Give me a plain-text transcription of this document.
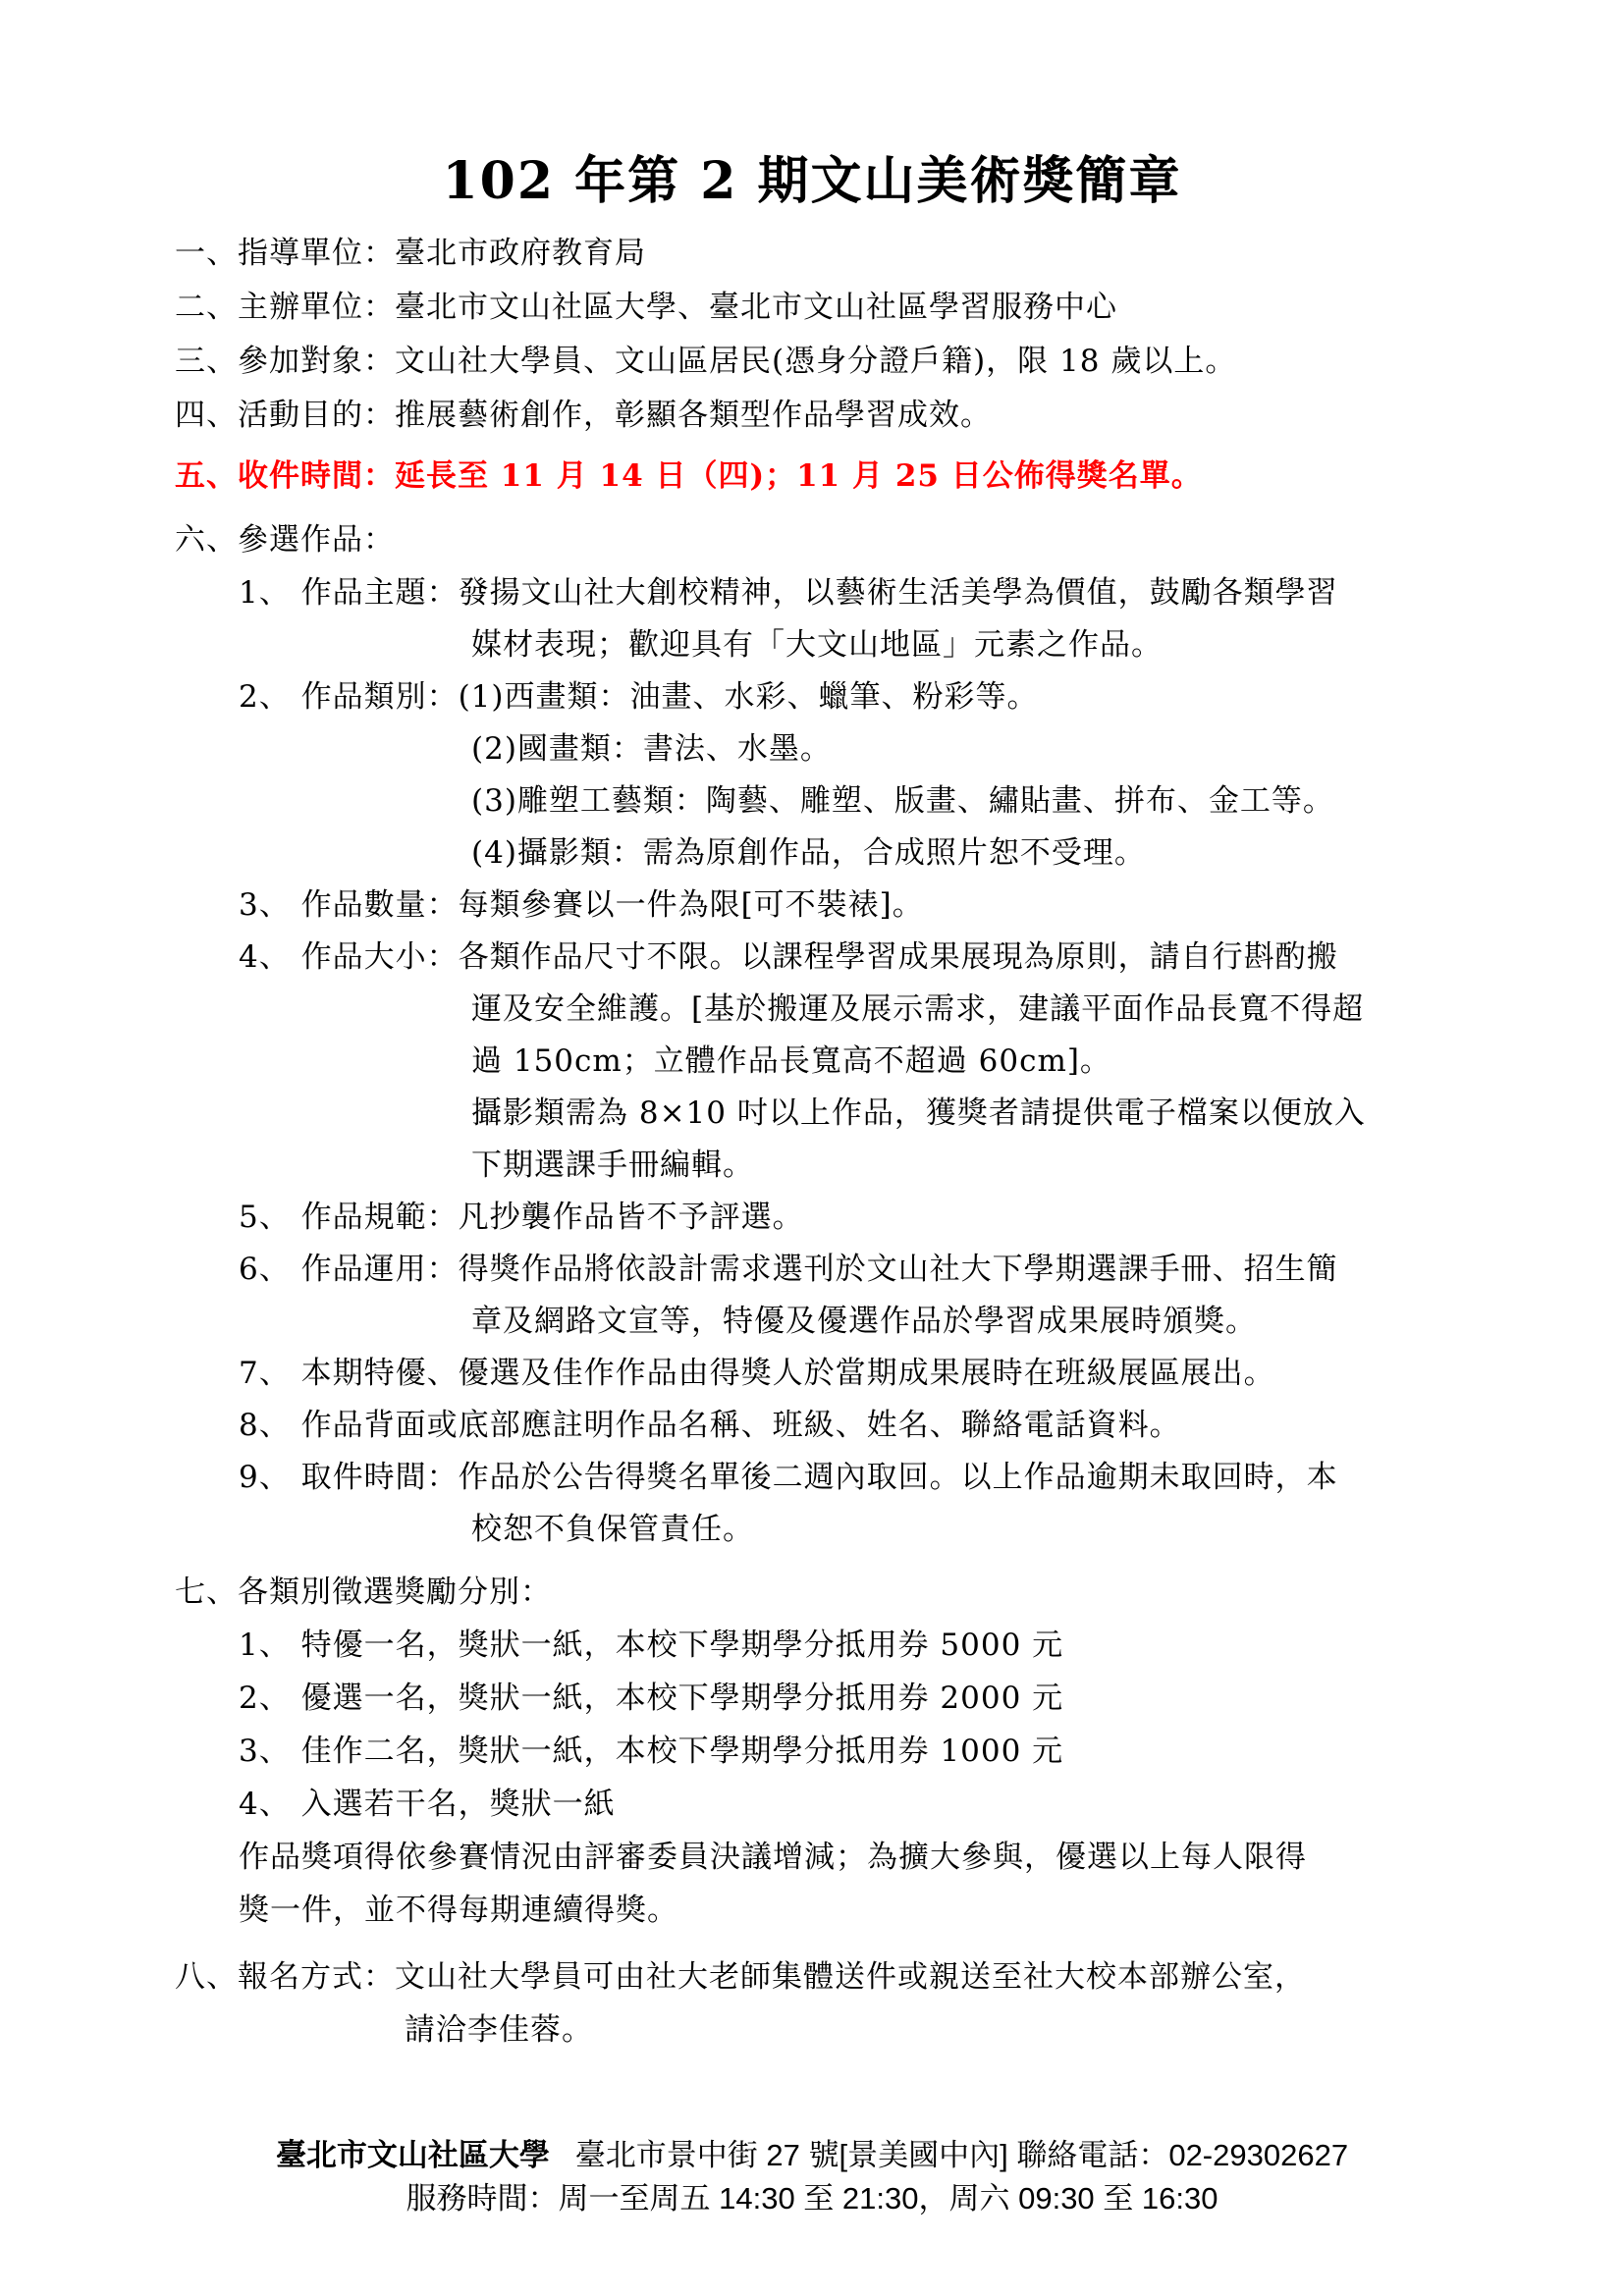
102 年第 2 期文山美術獎簡章
一、指導單位：臺北市政府教育局
二、主辦單位：臺北市文山社區大學、臺北市文山社區學習服務中心
三、參加對象：文山社大學員、文山區居民(憑身分證戶籍)，限 18 歲以上。
四、活動目的：推展藝術創作，彰顯各類型作品學習成效。
五、收件時間：延長至 11 月 14 日（四)；11 月 25 日公佈得獎名單。
六、參選作品：
1、 作品主題：發揚文山社大創校精神，以藝術生活美學為價值，鼓勵各類學習
媒材表現；歡迎具有「大文山地區」元素之作品。
2、 作品類別：(1)西畫類：油畫、水彩、蠟筆、粉彩等。
(2)國畫類：書法、水墨。
(3)雕塑工藝類：陶藝、雕塑、版畫、繡貼畫、拼布、金工等。
(4)攝影類：需為原創作品，合成照片恕不受理。
3、 作品數量：每類參賽以一件為限[可不裝裱]。
4、 作品大小：各類作品尺寸不限。以課程學習成果展現為原則，請自行斟酌搬
運及安全維護。[基於搬運及展示需求，建議平面作品長寬不得超
過 150cm；立體作品長寬高不超過 60cm]。
攝影類需為 8×10 吋以上作品，獲獎者請提供電子檔案以便放入
下期選課手冊編輯。
5、 作品規範：凡抄襲作品皆不予評選。
6、 作品運用：得獎作品將依設計需求選刊於文山社大下學期選課手冊、招生簡
章及網路文宣等，特優及優選作品於學習成果展時頒獎。
7、 本期特優、優選及佳作作品由得獎人於當期成果展時在班級展區展出。
8、 作品背面或底部應註明作品名稱、班級、姓名、聯絡電話資料。
9、 取件時間：作品於公告得獎名單後二週內取回。以上作品逾期未取回時，本
校恕不負保管責任。
七、各類別徵選獎勵分別：
1、 特優一名，獎狀一紙，本校下學期學分抵用券 5000 元
2、 優選一名，獎狀一紙，本校下學期學分抵用券 2000 元
3、 佳作二名，獎狀一紙，本校下學期學分抵用券 1000 元
4、 入選若干名，獎狀一紙
作品獎項得依參賽情況由評審委員決議增減；為擴大參與，優選以上每人限得
獎一件，並不得每期連續得獎。
八、報名方式：文山社大學員可由社大老師集體送件或親送至社大校本部辦公室，
請洽李佳蓉。
臺北市文山社區大學 臺北市景中街 27 號[景美國中內] 聯絡電話：02-29302627
服務時間：周一至周五 14:30 至 21:30，周六 09:30 至 16:30
